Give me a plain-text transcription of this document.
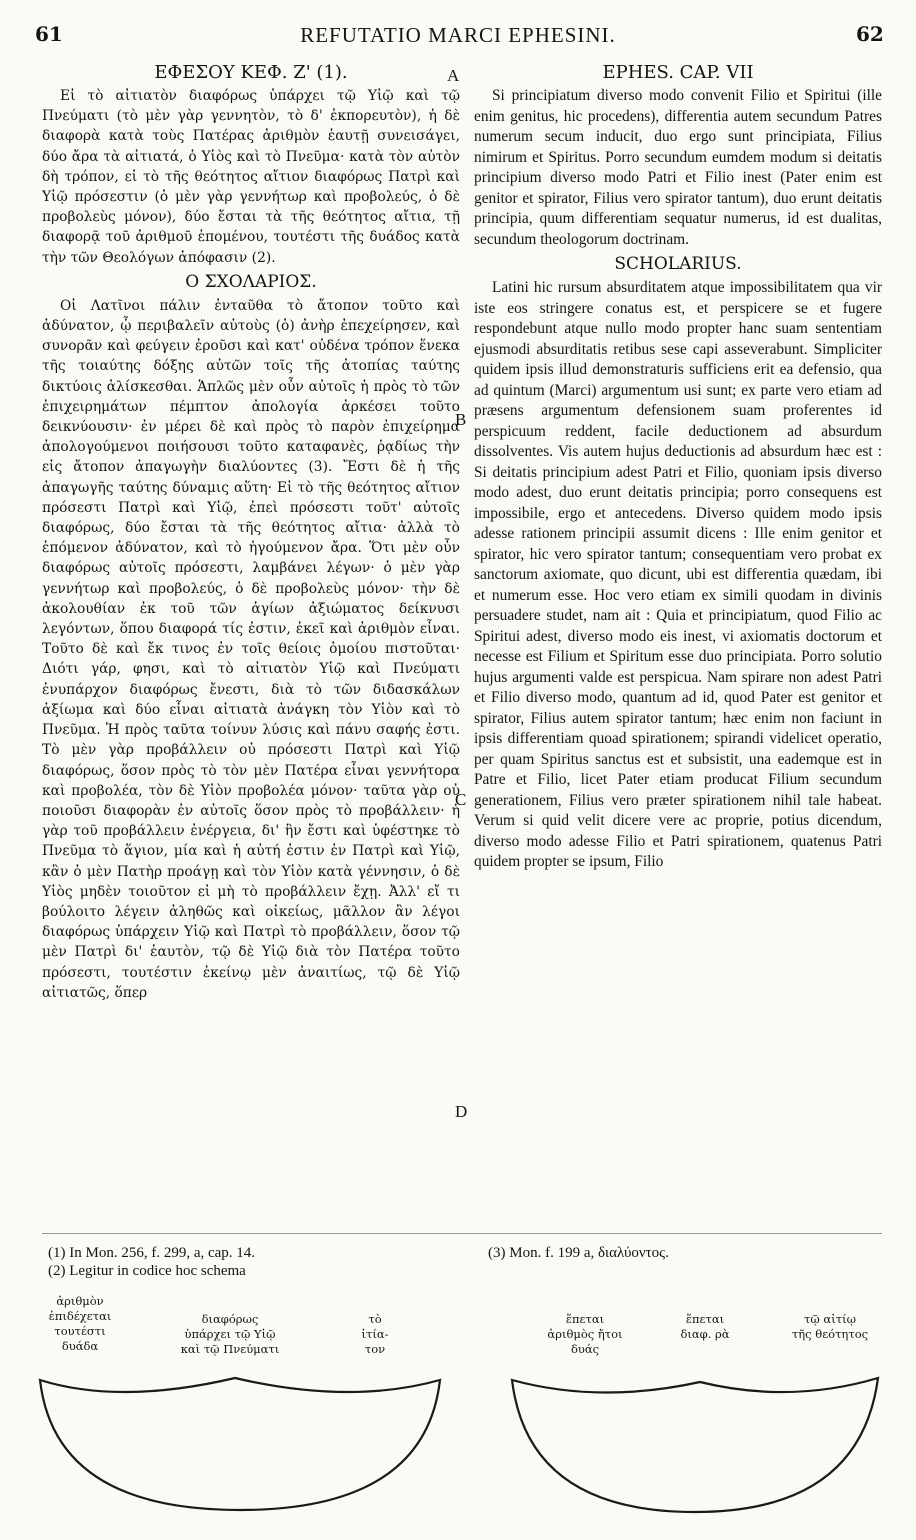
61	REFUTATIO MARCI EPHESINI.	62
A
B
C
D
ΕΦΕΣΟΥ ΚΕΦ. Ζ' (1).

Εἰ τὸ αἰτιατὸν διαφόρως ὑπάρχει τῷ Υἱῷ καὶ τῷ Πνεύματι (τὸ μὲν γὰρ γεννητὸν, τὸ δ' ἐκπορευτὸν), ἡ δὲ διαφορὰ κατὰ τοὺς Πατέρας ἀριθμὸν ἑαυτῇ συνεισάγει, δύο ἄρα τὰ αἰτιατά, ὁ Υἱὸς καὶ τὸ Πνεῦμα· κατὰ τὸν αὐτὸν δὴ τρόπον, εἰ τὸ τῆς θεότητος αἴτιον διαφόρως Πατρὶ καὶ Υἱῷ πρόσεστιν (ὁ μὲν γὰρ γεννήτωρ καὶ προβολεύς, ὁ δὲ προβολεὺς μόνον), δύο ἔσται τὰ τῆς θεότητος αἴτια, τῇ διαφορᾷ τοῦ ἀριθμοῦ ἑπομένου, τουτέστι τῆς δυάδος κατὰ τὴν τῶν Θεολόγων ἀπόφασιν (2).

Ο ΣΧΟΛΑΡΙΟΣ.

Οἱ Λατῖνοι πάλιν ἐνταῦθα τὸ ἄτοπον τοῦτο καὶ ἀδύνατον, ᾧ περιβαλεῖν αὐτοὺς (ὁ) ἀνὴρ ἐπεχείρησεν, καὶ συνορᾶν καὶ φεύγειν ἐροῦσι καὶ κατ' οὐδένα τρόπον ἕνεκα τῆς τοιαύτης δόξης αὐτῶν τοῖς τῆς ἀτοπίας ταύτης δικτύοις ἁλίσκεσθαι. Ἁπλῶς μὲν οὖν αὐτοῖς ἡ πρὸς τὸ τῶν ἐπιχειρημάτων πέμπτον ἀπολογία ἀρκέσει τοῦτο δεικνύουσιν· ἐν μέρει δὲ καὶ πρὸς τὸ παρὸν ἐπιχείρημα ἀπολογούμενοι ποιήσουσι τοῦτο καταφανὲς, ῥᾳδίως τὴν εἰς ἄτοπον ἀπαγωγὴν διαλύοντες (3). Ἔστι δὲ ἡ τῆς ἀπαγωγῆς ταύτης δύναμις αὕτη· Εἰ τὸ τῆς θεότητος αἴτιον πρόσεστι Πατρὶ καὶ Υἱῷ, ἐπεὶ πρόσεστι τοῦτ' αὐτοῖς διαφόρως, δύο ἔσται τὰ τῆς θεότητος αἴτια· ἀλλὰ τὸ ἑπόμενον ἀδύνατον, καὶ τὸ ἡγούμενον ἄρα. Ὅτι μὲν οὖν διαφόρως αὐτοῖς πρόσεστι, λαμβάνει λέγων· ὁ μὲν γὰρ γεννήτωρ καὶ προβολεύς, ὁ δὲ προβολεὺς μόνον· τὴν δὲ ἀκολουθίαν ἐκ τοῦ τῶν ἁγίων ἀξιώματος δείκνυσι λεγόντων, ὅπου διαφορά τίς ἐστιν, ἐκεῖ καὶ ἀριθμὸν εἶναι. Τοῦτο δὲ καὶ ἔκ τινος ἐν τοῖς θείοις ὁμοίου πιστοῦται· Διότι γάρ, φησι, καὶ τὸ αἰτιατὸν Υἱῷ καὶ Πνεύματι ἐνυπάρχον διαφόρως ἔνεστι, διὰ τὸ τῶν διδασκάλων ἀξίωμα καὶ δύο εἶναι αἰτιατὰ ἀνάγκη τὸν Υἱὸν καὶ τὸ Πνεῦμα. Ἡ πρὸς ταῦτα τοίνυν λύσις καὶ πάνυ σαφής ἐστι. Τὸ μὲν γὰρ προβάλλειν οὐ πρόσεστι Πατρὶ καὶ Υἱῷ διαφόρως, ὅσον πρὸς τὸ τὸν μὲν Πατέρα εἶναι γεννήτορα καὶ προβολέα, τὸν δὲ Υἱὸν προβολέα μόνον· ταῦτα γὰρ οὐ ποιοῦσι διαφορὰν ἐν αὐτοῖς ὅσον πρὸς τὸ προβάλλειν· ἡ γὰρ τοῦ προβάλλειν ἐνέργεια, δι' ἣν ἔστι καὶ ὑφέστηκε τὸ Πνεῦμα τὸ ἅγιον, μία καὶ ἡ αὐτή ἐστιν ἐν Πατρὶ καὶ Υἱῷ, κἂν ὁ μὲν Πατὴρ προάγῃ καὶ τὸν Υἱὸν κατὰ γέννησιν, ὁ δὲ Υἱὸς μηδὲν τοιοῦτον εἰ μὴ τὸ προβάλλειν ἔχῃ. Ἀλλ' εἴ τι βούλοιτο λέγειν ἀληθῶς καὶ οἰκείως, μᾶλλον ἂν λέγοι διαφόρως ὑπάρχειν Υἱῷ καὶ Πατρὶ τὸ προβάλλειν, ὅσον τῷ μὲν Πατρὶ δι' ἑαυτὸν, τῷ δὲ Υἱῷ διὰ τὸν Πατέρα τοῦτο πρόσεστι, τουτέστιν ἐκείνῳ μὲν ἀναιτίως, τῷ δὲ Υἱῷ αἰτιατῶς, ὅπερ

EPHES. CAP. VII

Si principiatum diverso modo convenit Filio et Spiritui (ille enim genitus, hic procedens), differentia autem secundum Patres numerum secum inducit, duo ergo sunt principiata, Filius nimirum et Spiritus. Porro secundum eumdem modum si deitatis principium diverso modo Patri et Filio inest (Pater enim est genitor et spirator, Filius vero spirator tantum), duo erunt deitatis principia, quum differentiam sequatur numerus, id est dualitas, secundum theologorum doctrinam.

SCHOLARIUS.

Latini hic rursum absurditatem atque impossibilitatem qua vir iste eos stringere conatus est, et perspicere se et fugere respondebunt atque nullo modo propter hanc suam sententiam ejusmodi absurditatis retibus sese capi asseverabunt. Simpliciter quidem ipsis illud demonstraturis sufficiens erit ea defensio, qua ad quintum (Marci) argumentum usi sunt; ex parte vero etiam ad præsens argumentum defensionem suam proferentes id perspicuum reddent, facile deductionem ad absurdum dissolventes. Vis autem hujus deductionis ad absurdum hæc est : Si deitatis principium adest Patri et Filio, quoniam ipsis diverso modo adest, duo erunt deitatis principia; porro consequens est impossibile, ergo et antecedens. Diverso quidem modo ipsis adesse rationem principii assumit dicens : Ille enim genitor et spirator, hic vero spirator tantum; consequentiam vero probat ex sanctorum axiomate, quo dicunt, ubi est differentia quædam, ibi et numerum esse. Hoc vero etiam ex simili quodam in divinis persuadere studet, nam ait : Quia et principiatum, quod Filio ac Spiritui adest, diverso modo eis inest, vi axiomatis doctorum et necesse est Filium et Spiritum esse duo principiata. Porro solutio hujus argumenti valde est perspicua. Nam spirare non adest Patri et Filio diverso modo, quantum ad id, quod Pater est genitor et spirator, Filius autem spirator tantum; hæc enim non faciunt in ipsis differentiam quoad spirationem; spirandi videlicet operatio, per quam Spiritus sanctus est et subsistit, una eademque est in Patre et Filio, licet Pater etiam producat Filium secundum generationem, Filius vero præter spirationem nihil tale habeat. Verum si quid velit dicere vere ac proprie, potius dicendum, diverso modo adesse Filio et Patri spirationem, quatenus Patri quidem propter se ipsum, Filio

(1) In Mon. 256, f. 299, a, cap. 14.
(2) Legitur in codice hoc schema
(3) Mon. f. 199 a, διαλύοντος.
ἀριθμὸν
ἐπιδέχεται
τουτέστι
δυάδα
διαφόρως
ὑπάρχει τῷ Υἱῷ
καὶ τῷ Πνεύματι
τὸ
ἰτία-
τον
ἕπεται
ἀριθμὸς ἤτοι
δυάς
ἕπεται
διαφ. ρὰ
τῷ αἰτίῳ
τῆς θεότητος
